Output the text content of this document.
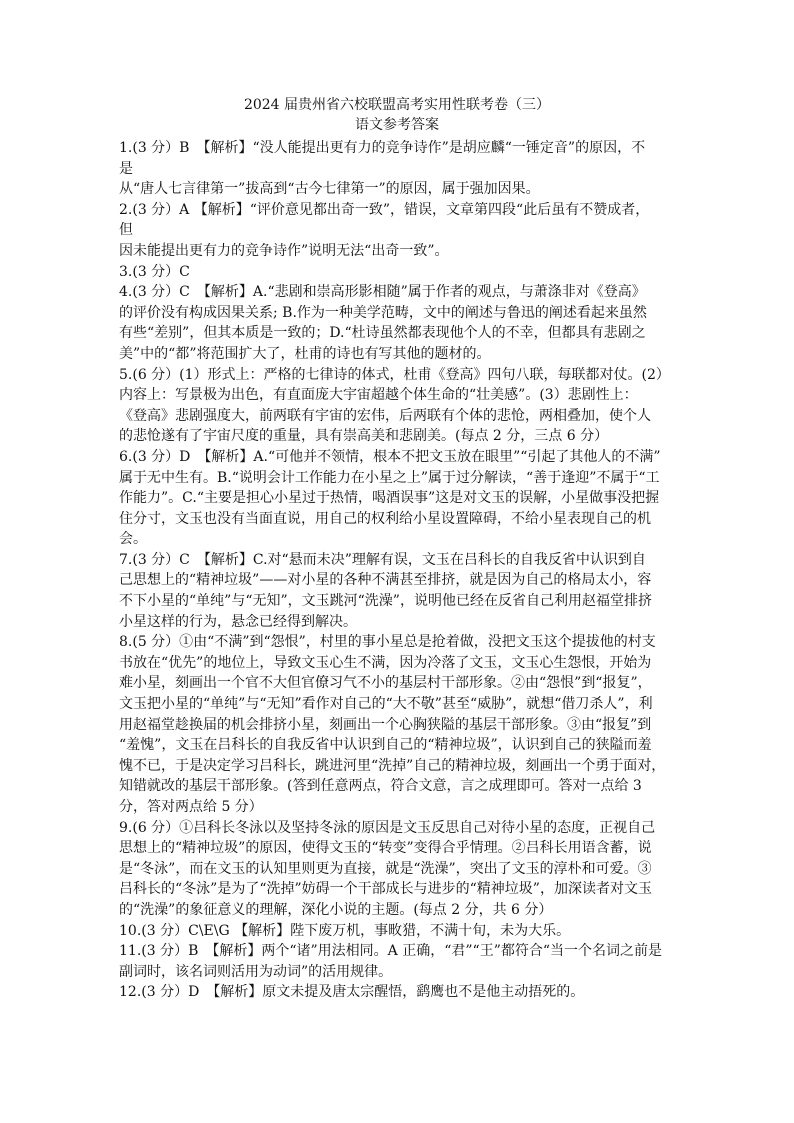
2024 届贵州省六校联盟高考实用性联考卷（三）
语文参考答案
1.(3 分）B　【解析】“没人能提出更有力的竞争诗作”是胡应麟“一锤定音”的原因，不
是
从“唐人七言律第一”拔高到“古今七律第一”的原因，属于强加因果。
2.(3 分）A 【解析】“评价意见都出奇一致”，错误，文章第四段“此后虽有不赞成者，
但
因未能提出更有力的竞争诗作”说明无法“出奇一致”。
3.(3 分）C
4.(3 分）C　【解析】A.“悲剧和崇高形影相随”属于作者的观点，与萧涤非对《登高》
的评价没有构成因果关系; B.作为一种美学范畴，文中的阐述与鲁迅的阐述看起来虽然
有些“差别”，但其本质是一致的；D.“杜诗虽然都表现他个人的不幸，但都具有悲剧之
美”中的“都”将范围扩大了，杜甫的诗也有写其他的题材的。
5.(6 分）(1）形式上：严格的七律诗的体式，杜甫《登高》四句八联，每联都对仗。(2）
内容上：写景极为出色，有直面庞大宇宙超越个体生命的“壮美感”。(3）悲剧性上：
《登高》悲剧强度大，前两联有宇宙的宏伟，后两联有个体的悲怆，两相叠加，使个人
的悲怆遂有了宇宙尺度的重量，具有崇高美和悲剧美。(每点 2 分，三点 6 分）
6.(3 分）D　【解析】A.“可他并不领情，根本不把文玉放在眼里”“引起了其他人的不满”
属于无中生有。B.“说明会计工作能力在小星之上”属于过分解读，“善于逢迎”不属于“工
作能力”。C.“主要是担心小星过于热情，喝酒误事”这是对文玉的误解，小星做事没把握
住分寸，文玉也没有当面直说，用自己的权利给小星设置障碍，不给小星表现自己的机
会。
7.(3 分）C　【解析】C.对“悬而未决”理解有误，文玉在吕科长的自我反省中认识到自
己思想上的“精神垃圾”——对小星的各种不满甚至排挤，就是因为自己的格局太小，容
不下小星的“单纯”与“无知”，文玉跳河“洗澡”，说明他已经在反省自己利用赵福堂排挤
小星这样的行为，悬念已经得到解决。
8.(5 分）①由“不满”到“怨恨”，村里的事小星总是抢着做，没把文玉这个提拔他的村支
书放在“优先”的地位上，导致文玉心生不满，因为冷落了文玉，文玉心生怨恨，开始为
难小星，刻画出一个官不大但官僚习气不小的基层村干部形象。②由“怨恨”到“报复”，
文玉把小星的“单纯”与“无知”看作对自己的“大不敬”甚至“威胁”，就想“借刀杀人”，利
用赵福堂趁换届的机会排挤小星，刻画出一个心胸狭隘的基层干部形象。③由“报复”到
“羞愧”，文玉在吕科长的自我反省中认识到自己的“精神垃圾”，认识到自己的狭隘而羞
愧不已，于是决定学习吕科长，跳进河里“洗掉”自己的精神垃圾，刻画出一个勇于面对，
知错就改的基层干部形象。(答到任意两点，符合文意，言之成理即可。答对一点给 3
分，答对两点给 5 分）
9.(6 分）①吕科长冬泳以及坚持冬泳的原因是文玉反思自己对待小星的态度，正视自己
思想上的“精神垃圾”的原因，使得文玉的“转变”变得合乎情理。②吕科长用语含蓄，说
是“冬泳”，而在文玉的认知里则更为直接，就是“洗澡”，突出了文玉的淳朴和可爱。③
吕科长的“冬泳”是为了“洗掉”妨碍一个干部成长与进步的“精神垃圾”，加深读者对文玉
的“洗澡”的象征意义的理解，深化小说的主题。(每点 2 分，共 6 分）
10.(3 分）C\E\G 【解析】陛下废万机，事畋猎，不满十旬，未为大乐。
11.(3 分）B　【解析】两个“诸”用法相同。A 正确，“君”“王”都符合“当一个名词之前是
副词时，该名词则活用为动词”的活用规律。
12.(3 分）D　【解析】原文未提及唐太宗醒悟，鹞鹰也不是他主动捂死的。
